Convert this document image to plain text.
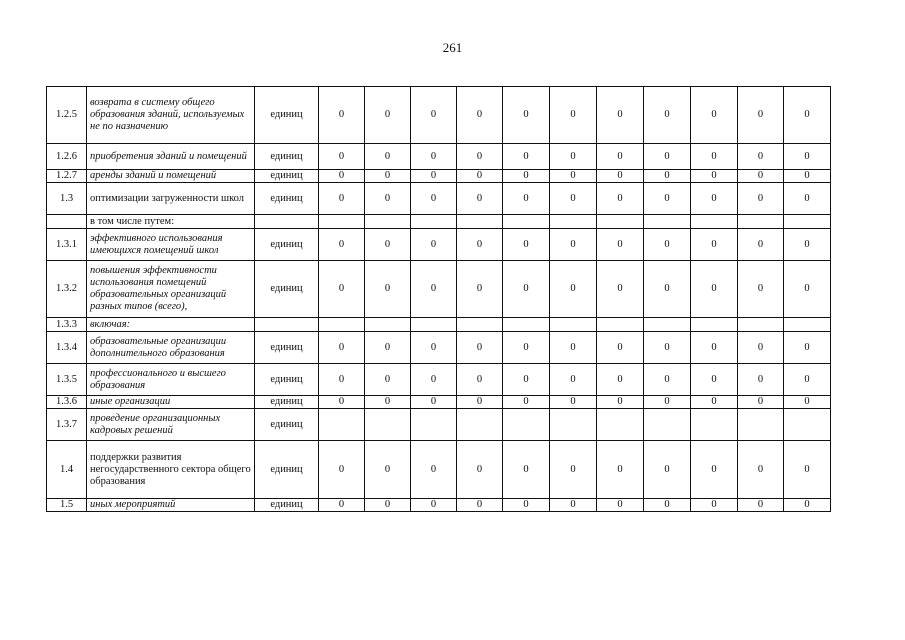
261
1.2.5	возврата в систему общего образования зданий, используемых не по назначению	единиц	0	0	0	0	0	0	0	0	0	0	0
1.2.6	приобретения зданий и помещений	единиц	0	0	0	0	0	0	0	0	0	0	0
1.2.7	аренды зданий и помещений	единиц	0	0	0	0	0	0	0	0	0	0	0
1.3	оптимизации загруженности школ	единиц	0	0	0	0	0	0	0	0	0	0	0
	в том числе путем:												
1.3.1	эффективного использования имеющихся помещений школ	единиц	0	0	0	0	0	0	0	0	0	0	0
1.3.2	повышения эффективности использования помещений образовательных организаций разных типов (всего),	единиц	0	0	0	0	0	0	0	0	0	0	0
1.3.3	включая:												
1.3.4	образовательные организации дополнительного образования	единиц	0	0	0	0	0	0	0	0	0	0	0
1.3.5	профессионального и высшего образования	единиц	0	0	0	0	0	0	0	0	0	0	0
1.3.6	иные организации	единиц	0	0	0	0	0	0	0	0	0	0	0
1.3.7	проведение организационных кадровых решений	единиц											
1.4	поддержки развития негосударственного сектора общего образования	единиц	0	0	0	0	0	0	0	0	0	0	0
1.5	иных мероприятий	единиц	0	0	0	0	0	0	0	0	0	0	0
